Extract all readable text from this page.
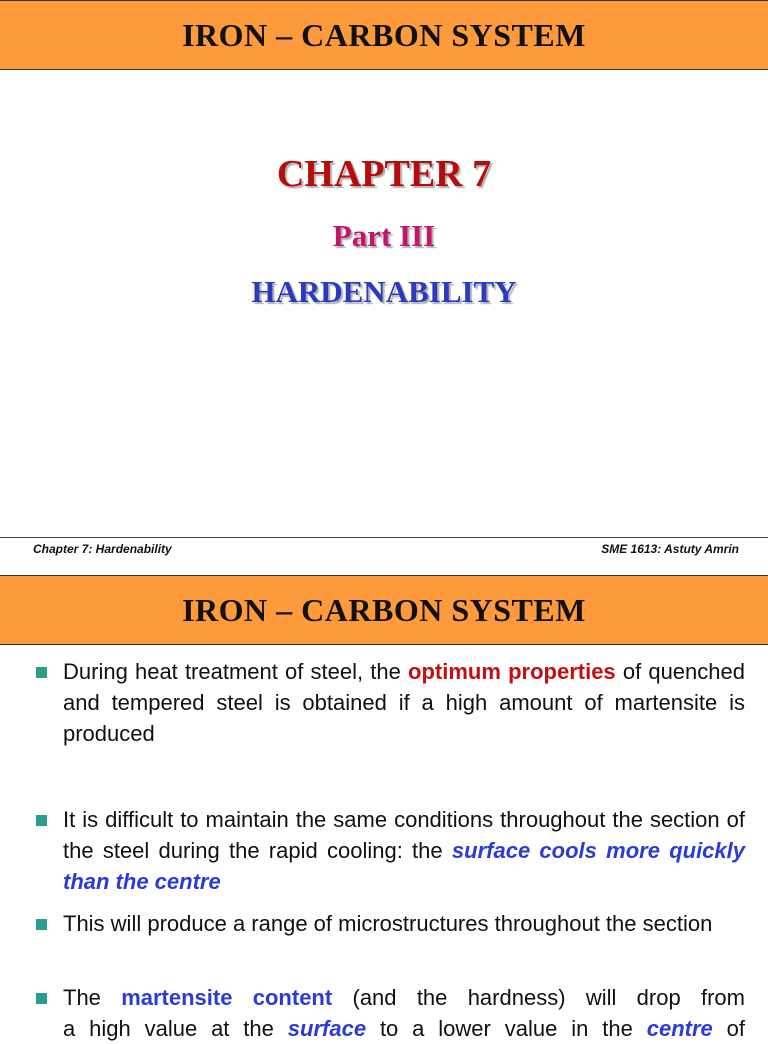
IRON – CARBON SYSTEM
CHAPTER 7
Part III
HARDENABILITY
Chapter 7: Hardenability	SME 1613: Astuty Amrin
IRON – CARBON SYSTEM
During heat treatment of steel, the optimum properties of quenched and tempered steel is obtained if a high amount of martensite is produced
It is difficult to maintain the same conditions throughout the section of the steel during the rapid cooling: the surface cools more quickly than the centre
This will produce a range of microstructures throughout the section
The martensite content (and the hardness) will drop from
a high value at the surface to a lower value in the centre of
